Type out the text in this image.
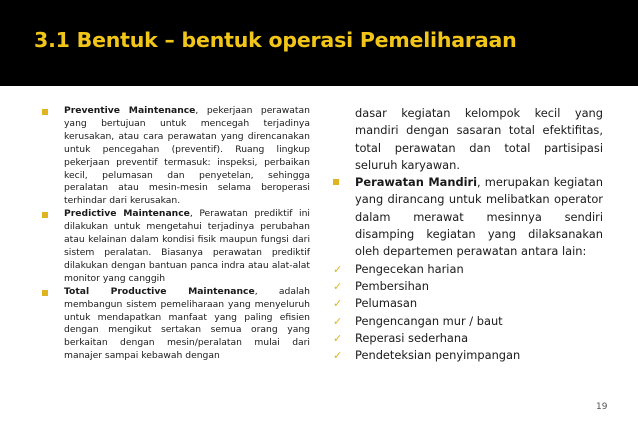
3.1 Bentuk – bentuk operasi Pemeliharaan
Preventive Maintenance, pekerjaan perawatan yang bertujuan untuk mencegah terjadinya kerusakan, atau cara perawatan yang direncanakan untuk pencegahan (preventif). Ruang lingkup pekerjaan preventif termasuk: inspeksi, perbaikan kecil, pelumasan dan penyetelan, sehingga peralatan atau mesin-mesin selama beroperasi terhindar dari kerusakan.
Predictive Maintenance, Perawatan prediktif ini dilakukan untuk mengetahui terjadinya perubahan atau kelainan dalam kondisi fisik maupun fungsi dari sistem peralatan. Biasanya perawatan prediktif dilakukan dengan bantuan panca indra atau alat-alat monitor yang canggih
Total Productive Maintenance, adalah membangun sistem pemeliharaan yang menyeluruh untuk mendapatkan manfaat yang paling efisien dengan mengikut sertakan semua orang yang berkaitan dengan mesin/peralatan mulai dari manajer sampai kebawah dengan
dasar kegiatan kelompok kecil yang mandiri dengan sasaran total efektifitas, total perawatan dan total partisipasi seluruh karyawan.
Perawatan Mandiri, merupakan kegiatan yang dirancang untuk melibatkan operator dalam merawat mesinnya sendiri disamping kegiatan yang dilaksanakan oleh departemen perawatan antara lain:
✓ Pengecekan harian
✓ Pembersihan
✓ Pelumasan
✓ Pengencangan mur / baut
✓ Reperasi sederhana
✓ Pendeteksian penyimpangan
19
